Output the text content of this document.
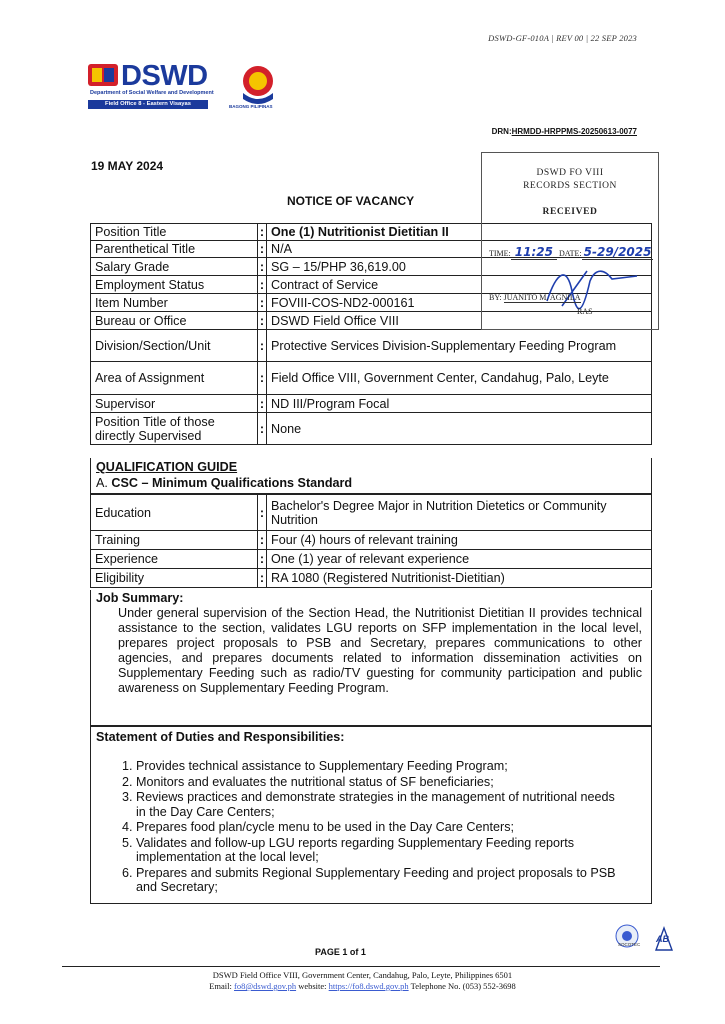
DSWD-GF-010A | REV 00 | 22 SEP 2023
DSWD
Department of Social Welfare and Development
Field Office 8 - Eastern Visayas	BAGONG PILIPINAS
DRN:HRMDD-HRPPMS-20250613-0077
19 MAY 2024
NOTICE OF VACANCY
Position Title	:	One (1) Nutritionist Dietitian II
Parenthetical Title	:	N/A
Salary Grade	:	SG – 15/PHP 36,619.00
Employment Status	:	Contract of Service
Item Number	:	FOVIII-COS-ND2-000161
Bureau or Office	:	DSWD Field Office VIII
Division/Section/Unit	:	Protective Services Division-Supplementary Feeding Program
Area of Assignment	:	Field Office VIII, Government Center, Candahug, Palo, Leyte
Supervisor	:	ND III/Program Focal
Position Title of those directly Supervised	:	None
QUALIFICATION GUIDE
A. CSC – Minimum Qualifications Standard
Education	:	Bachelor's Degree Major in Nutrition Dietetics or Community Nutrition
Training	:	Four (4) hours of relevant training
Experience	:	One (1) year of relevant experience
Eligibility	:	RA 1080 (Registered Nutritionist-Dietitian)
Job Summary:
Under general supervision of the Section Head, the Nutritionist Dietitian II provides technical assistance to the section, validates LGU reports on SFP implementation in the local level, prepares project proposals to PSB and Secretary, prepares communications to other agencies, and prepares documents related to information dissemination activities on Supplementary Feeding such as radio/TV guesting for community participation and public awareness on Supplementary Feeding Program.
Statement of Duties and Responsibilities:
1. Provides technical assistance to Supplementary Feeding Program;
2. Monitors and evaluates the nutritional status of SF beneficiaries;
3. Reviews practices and demonstrate strategies in the management of nutritional needs in the Day Care Centers;
4. Prepares food plan/cycle menu to be used in the Day Care Centers;
5. Validates and follow-up LGU reports regarding Supplementary Feeding reports implementation at the local level;
6. Prepares and submits Regional Supplementary Feeding and project proposals to PSB and Secretary;
DSWD FO VIII
RECORDS SECTION
RECEIVED
TIME: 11:25 DATE: 5-29/2025
BY: JUANITO M. AGNILA
RAS
PAGE 1 of 1
SOCOTEC
AB
DSWD Field Office VIII, Government Center, Candahug, Palo, Leyte, Philippines 6501
Email: fo8@dswd.gov.ph website: https://fo8.dswd.gov.ph Telephone No. (053) 552-3698
